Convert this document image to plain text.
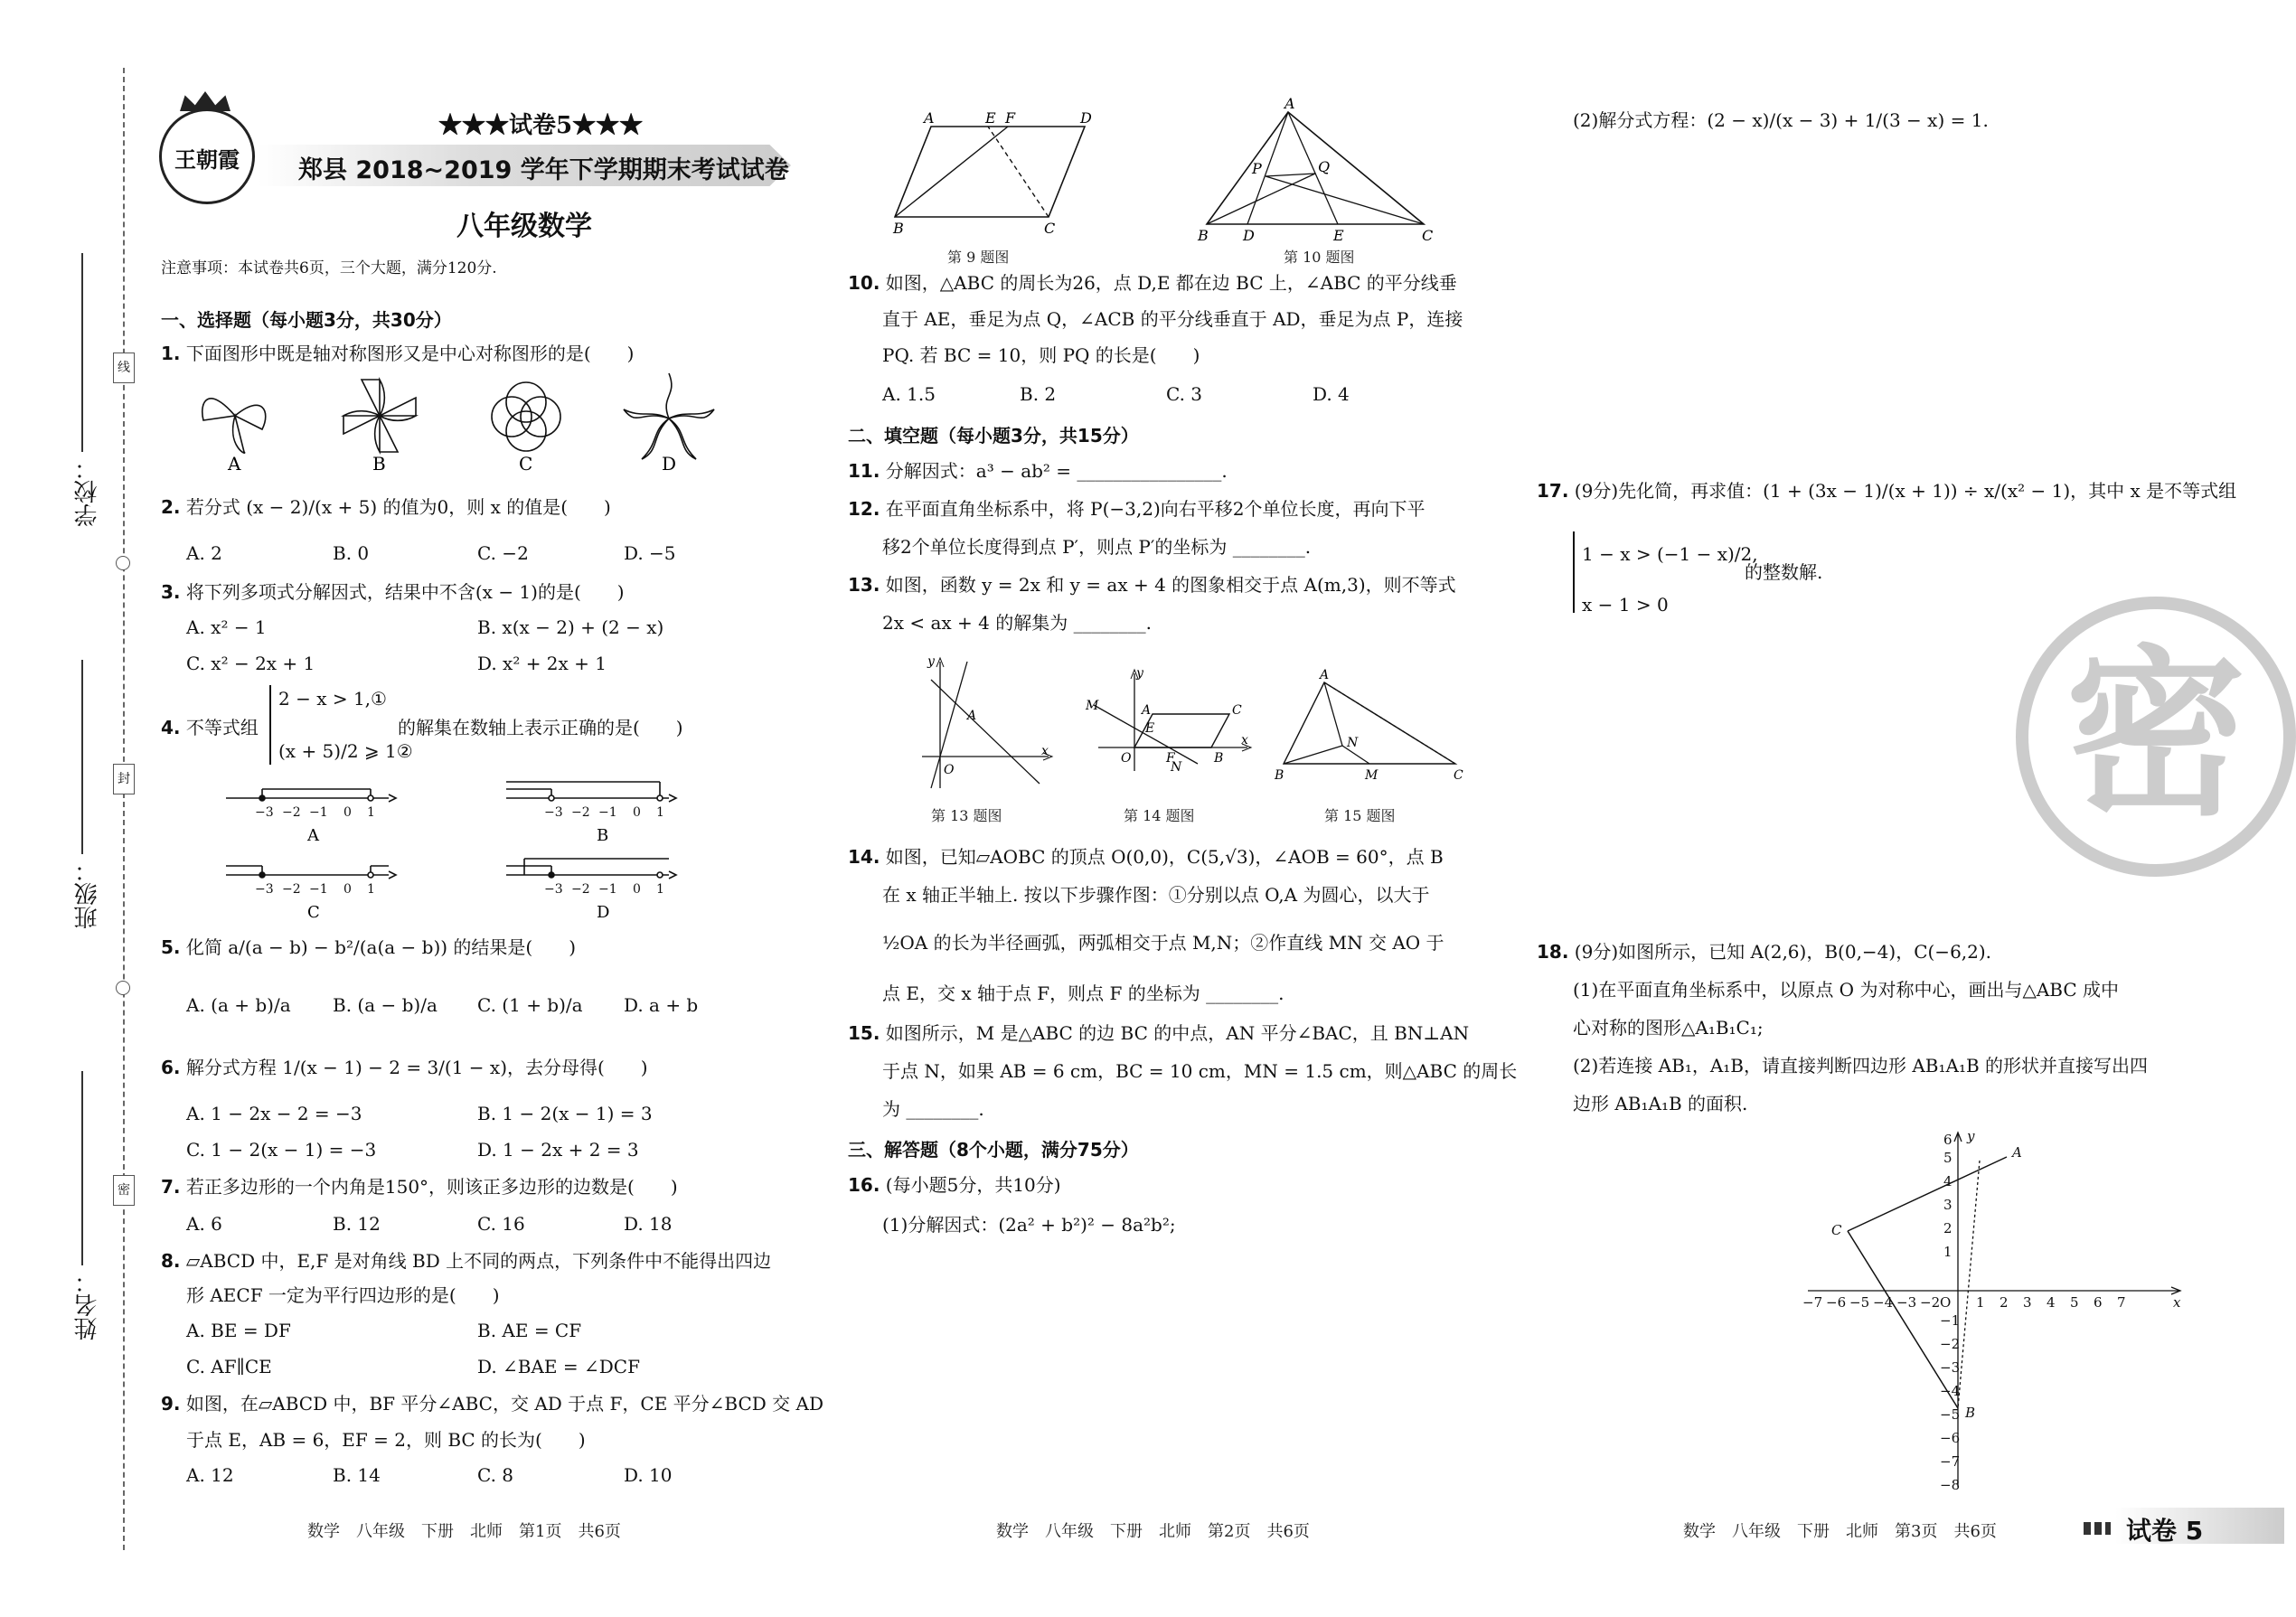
线
封
密
学校：
班级：
姓名：
王朝霞
★★★试卷5★★★
郑县 2018~2019 学年下学期期末考试试卷
八年级数学
注意事项：本试卷共6页，三个大题，满分120分.
一、选择题（每小题3分，共30分）
1. 下面图形中既是轴对称图形又是中心对称图形的是(　　)
A	B	C	D
2. 若分式 (x − 2)/(x + 5) 的值为0，则 x 的值是(　　)
A. 2	B. 0	C. −2	D. −5
3. 将下列多项式分解因式，结果中不含(x − 1)的是(　　)
A. x² − 1	B. x(x − 2) + (2 − x)
C. x² − 2x + 1	D. x² + 2x + 1
4. 不等式组
2 − x > 1,①
(x + 5)/2 ⩾ 1②
的解集在数轴上表示正确的是(　　)
−3 −2 −1 0 1	−3 −2 −1 0 1
−3 −2 −1 0 1	−3 −2 −1 0 1
A	B
C	D
5. 化简 a/(a − b) − b²/(a(a − b)) 的结果是(　　)
A. (a + b)/a B. (a − b)/a C. (1 + b)/a D. a + b
6. 解分式方程 1/(x − 1) − 2 = 3/(1 − x)，去分母得(　　)
A. 1 − 2x − 2 = −3	B. 1 − 2(x − 1) = 3
C. 1 − 2(x − 1) = −3	D. 1 − 2x + 2 = 3
7. 若正多边形的一个内角是150°，则该正多边形的边数是(　　)
A. 6	B. 12	C. 16	D. 18
8. ▱ABCD 中，E,F 是对角线 BD 上不同的两点，下列条件中不能得出四边
形 AECF 一定为平行四边形的是(　　)
A. BE = DF	B. AE = CF
C. AF∥CE	D. ∠BAE = ∠DCF
9. 如图，在▱ABCD 中，BF 平分∠ABC，交 AD 于点 F，CE 平分∠BCD 交 AD
于点 E，AB = 6，EF = 2，则 BC 的长为(　　)
A. 12	B. 14	C. 8	D. 10
A	E F	D
B	C
第 9 题图
A
P	Q
B D	E	C
第 10 题图
10. 如图，△ABC 的周长为26，点 D,E 都在边 BC 上，∠ABC 的平分线垂
直于 AE，垂足为点 Q，∠ACB 的平分线垂直于 AD，垂足为点 P，连接
PQ. 若 BC = 10，则 PQ 的长是(　　)
A. 1.5	B. 2	C. 3	D. 4
二、填空题（每小题3分，共15分）
11. 分解因式：a³ − ab² = ________________.
12. 在平面直角坐标系中，将 P(−3,2)向右平移2个单位长度，再向下平
移2个单位长度得到点 P′，则点 P′的坐标为 ________.
13. 如图，函数 y = 2x 和 y = ax + 4 的图象相交于点 A(m,3)，则不等式
2x < ax + 4 的解集为 ________.
y
A
O
x
第 13 题图
y
M	A
E
C
O	F	B
N
x
第 14 题图
A
N
B	M	C
第 15 题图
14. 如图，已知▱AOBC 的顶点 O(0,0)，C(5,√3)，∠AOB = 60°，点 B
在 x 轴正半轴上. 按以下步骤作图：①分别以点 O,A 为圆心，以大于
½OA 的长为半径画弧，两弧相交于点 M,N；②作直线 MN 交 AO 于
点 E，交 x 轴于点 F，则点 F 的坐标为 ________.
15. 如图所示，M 是△ABC 的边 BC 的中点，AN 平分∠BAC，且 BN⊥AN
于点 N，如果 AB = 6 cm，BC = 10 cm，MN = 1.5 cm，则△ABC 的周长
为 ________.
三、解答题（8个小题，满分75分）
16. (每小题5分，共10分)
(1)分解因式：(2a² + b²)² − 8a²b²;
(2)解分式方程：(2 − x)/(x − 3) + 1/(3 − x) = 1.
17. (9分)先化简，再求值：(1 + (3x − 1)/(x + 1)) ÷ x/(x² − 1)，其中 x 是不等式组
1 − x > (−1 − x)/2,
x − 1 > 0
的整数解.
密
18. (9分)如图所示，已知 A(2,6)，B(0,−4)，C(−6,2).
(1)在平面直角坐标系中，以原点 O 为对称中心，画出与△ABC 成中
心对称的图形△A₁B₁C₁;
(2)若连接 AB₁，A₁B，请直接判断四边形 AB₁A₁B 的形状并直接写出四
边形 AB₁A₁B 的面积.
A
B
C
y
x
6
5
4
3
2
1
O
−1
−2
−3
−4
−5
−6
−7
−8
−7 −6 −5 −4 −3 −2	1 2 3 4 5 6 7
数学　八年级　下册　北师　第1页　共6页	数学　八年级　下册　北师　第2页　共6页	数学　八年级　下册　北师　第3页　共6页	试卷 5
